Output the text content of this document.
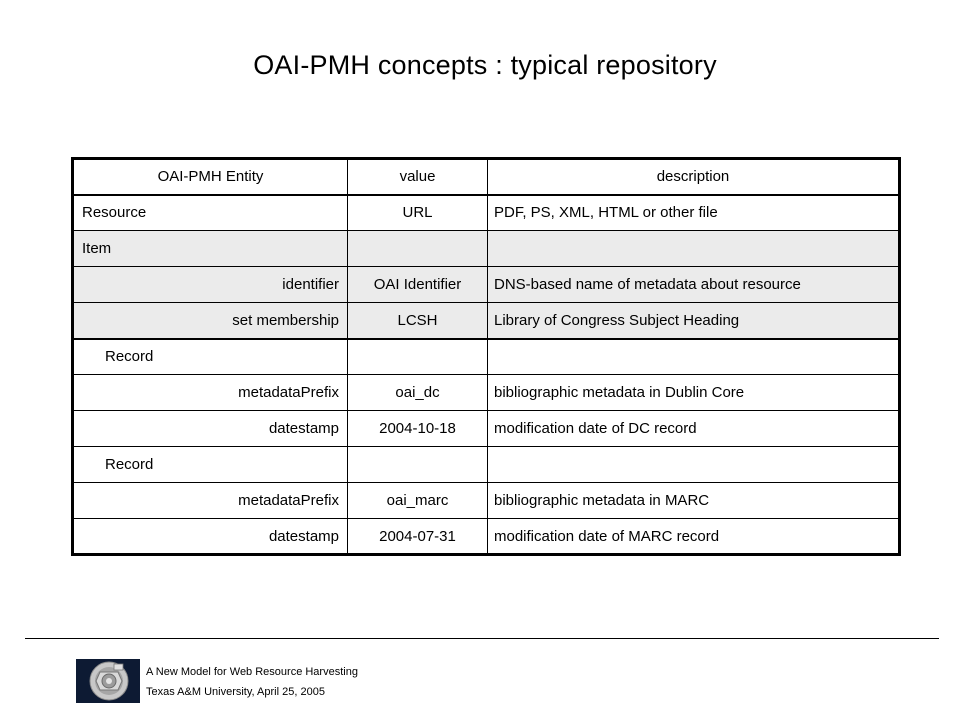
OAI-PMH concepts : typical repository
OAI-PMH Entity	value	description
Resource	URL	PDF, PS, XML, HTML or other file
Item		
identifier	OAI Identifier	DNS-based name of metadata about resource
set membership	LCSH	Library of Congress Subject Heading
Record		
metadataPrefix	oai_dc	bibliographic metadata in Dublin Core
datestamp	2004-10-18	modification date of DC record
Record		
metadataPrefix	oai_marc	bibliographic metadata in MARC
datestamp	2004-07-31	modification date of MARC record
A New Model for Web Resource Harvesting
Texas A&M University, April 25, 2005
